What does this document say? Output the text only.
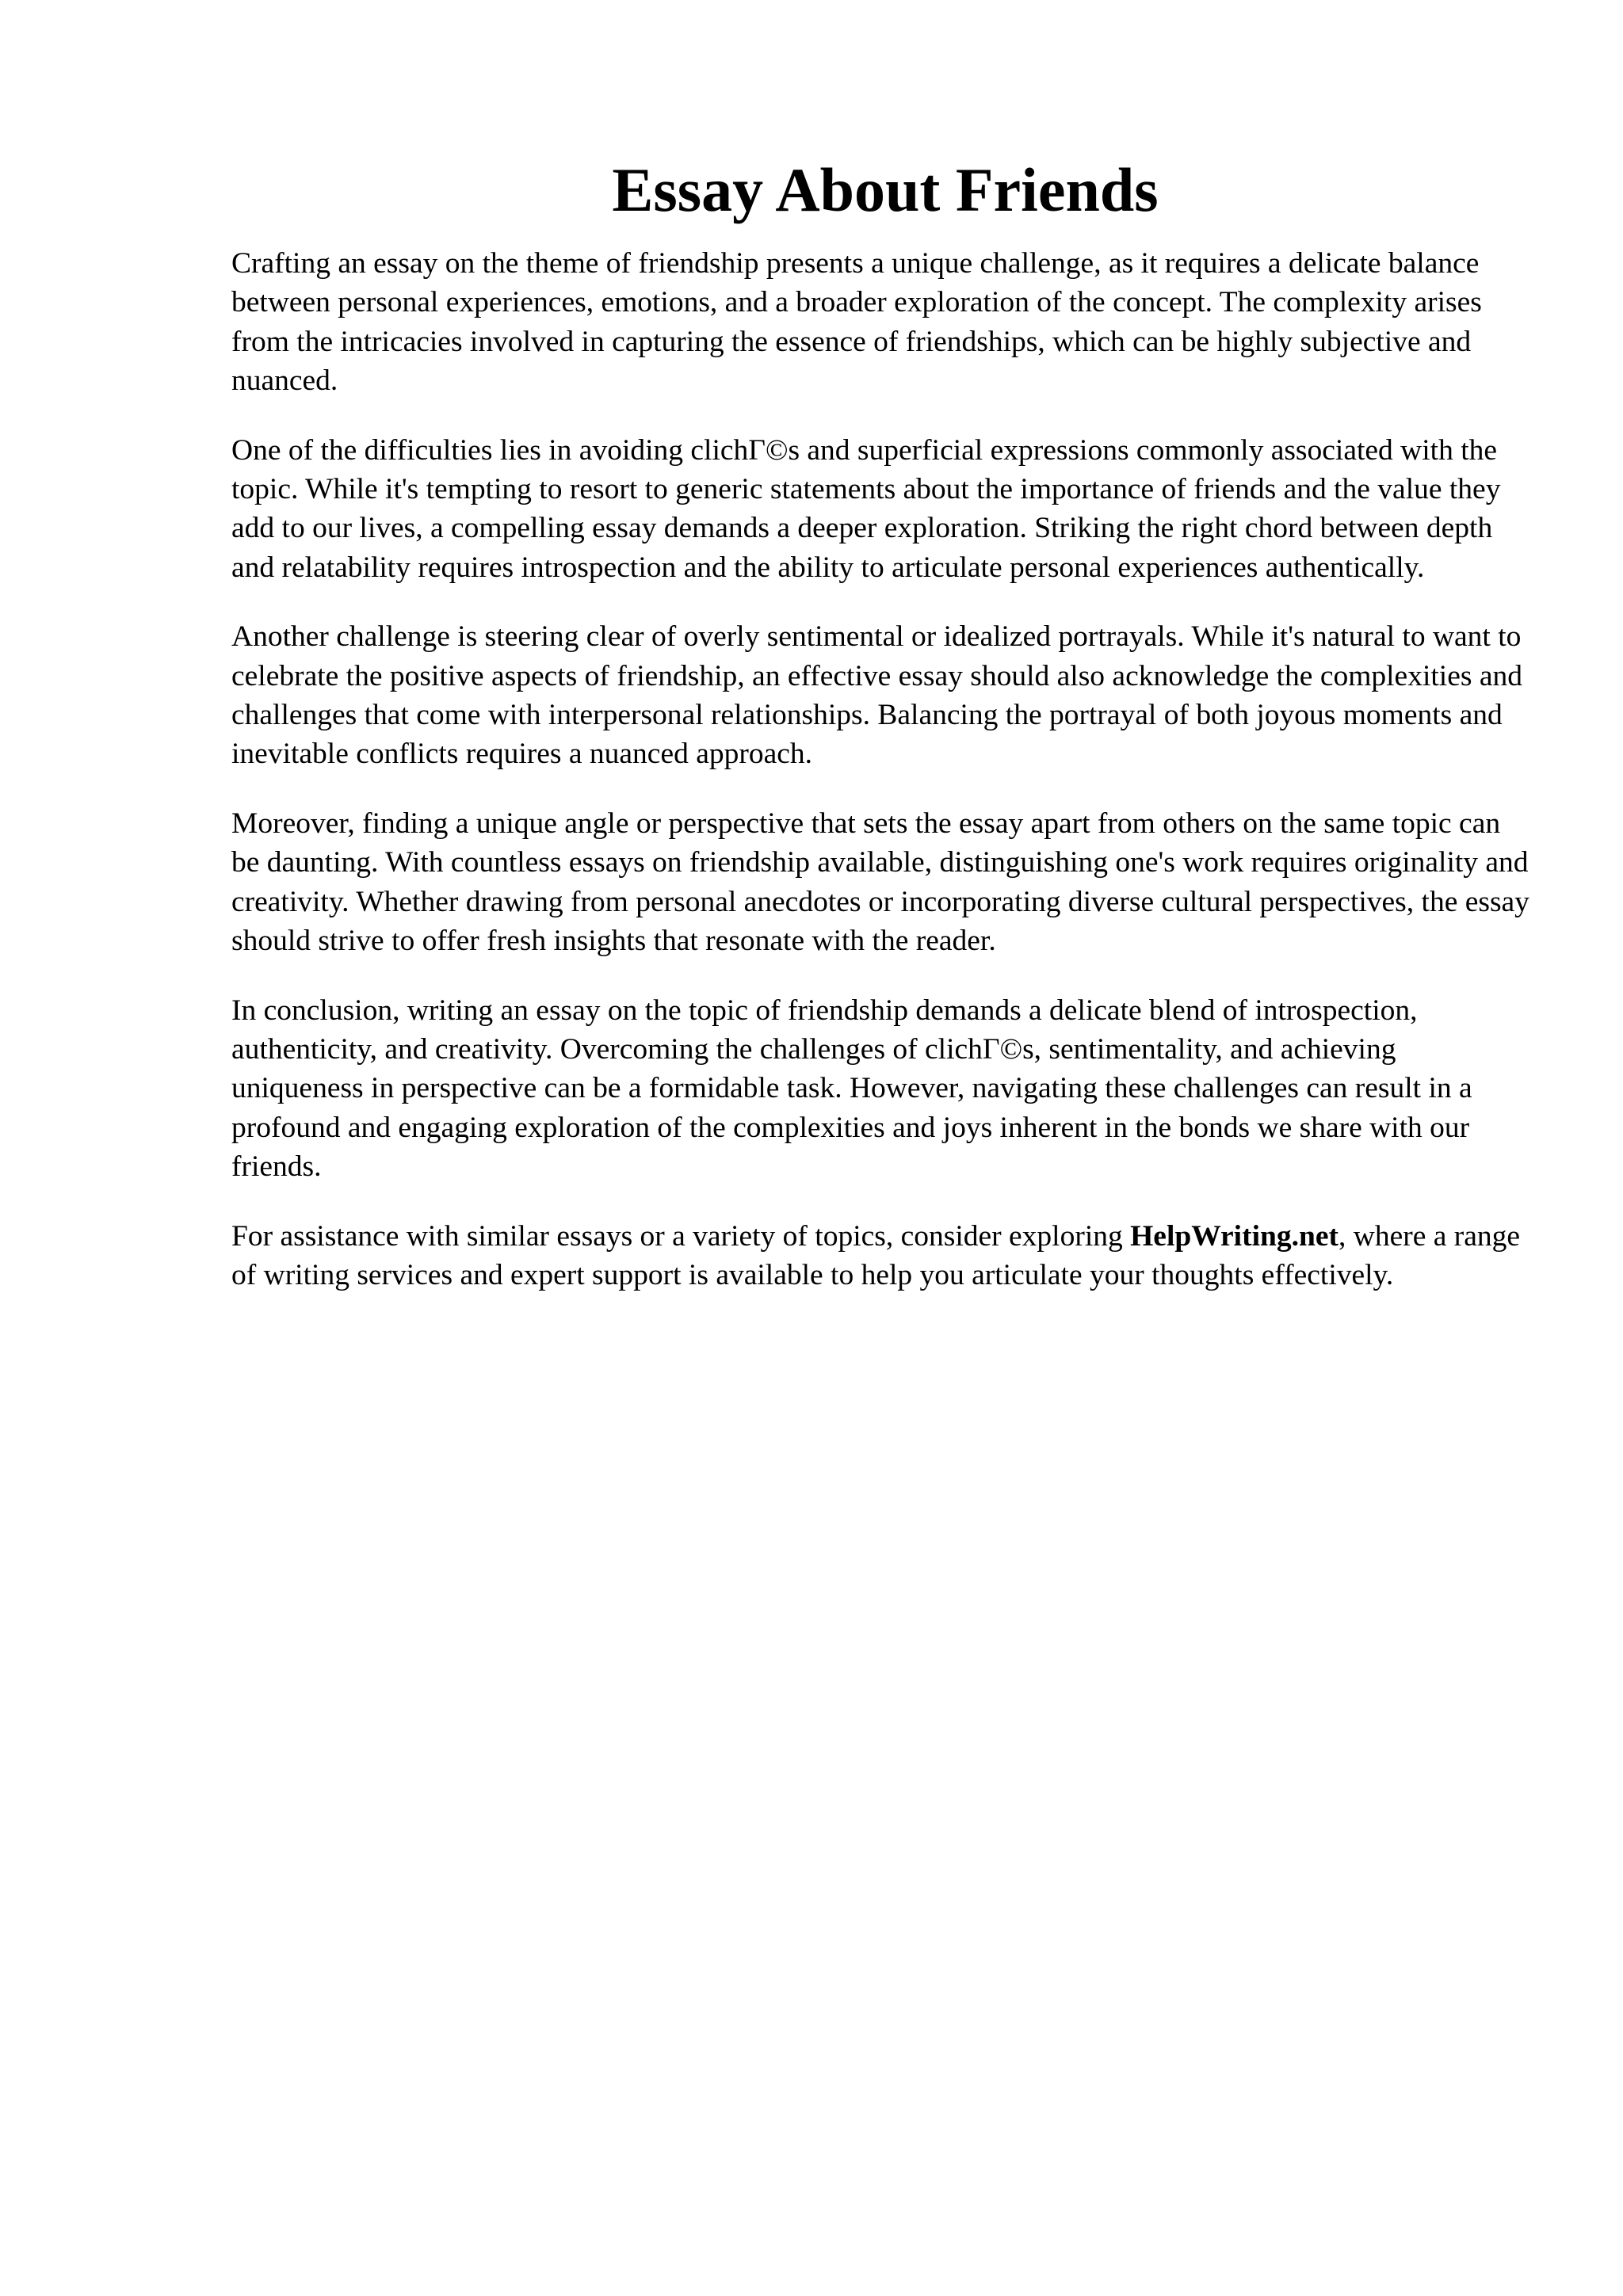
Essay About Friends

Crafting an essay on the theme of friendship presents a unique challenge, as it requires a delicate balance between personal experiences, emotions, and a broader exploration of the concept. The complexity arises from the intricacies involved in capturing the essence of friendships, which can be highly subjective and nuanced.

One of the difficulties lies in avoiding clichΓ©s and superficial expressions commonly associated with the topic. While it's tempting to resort to generic statements about the importance of friends and the value they add to our lives, a compelling essay demands a deeper exploration. Striking the right chord between depth and relatability requires introspection and the ability to articulate personal experiences authentically.

Another challenge is steering clear of overly sentimental or idealized portrayals. While it's natural to want to celebrate the positive aspects of friendship, an effective essay should also acknowledge the complexities and challenges that come with interpersonal relationships. Balancing the portrayal of both joyous moments and inevitable conflicts requires a nuanced approach.

Moreover, finding a unique angle or perspective that sets the essay apart from others on the same topic can be daunting. With countless essays on friendship available, distinguishing one's work requires originality and creativity. Whether drawing from personal anecdotes or incorporating diverse cultural perspectives, the essay should strive to offer fresh insights that resonate with the reader.

In conclusion, writing an essay on the topic of friendship demands a delicate blend of introspection, authenticity, and creativity. Overcoming the challenges of clichΓ©s, sentimentality, and achieving uniqueness in perspective can be a formidable task. However, navigating these challenges can result in a profound and engaging exploration of the complexities and joys inherent in the bonds we share with our friends.

For assistance with similar essays or a variety of topics, consider exploring HelpWriting.net, where a range of writing services and expert support is available to help you articulate your thoughts effectively.
